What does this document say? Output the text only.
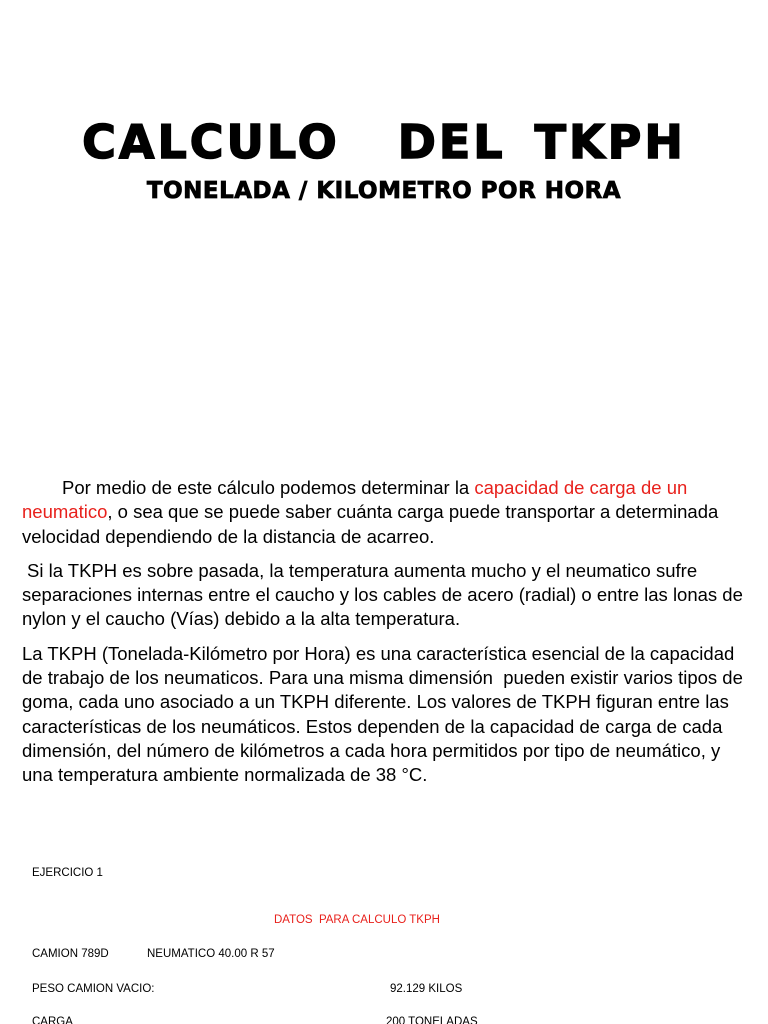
CALCULO  DEL TKPH
TONELADA / KILOMETRO POR HORA

Por medio de este cálculo podemos determinar la capacidad de carga de un neumatico, o sea que se puede saber cuánta carga puede transportar a determinada velocidad dependiendo de la distancia de acarreo.

Si la TKPH es sobre pasada, la temperatura aumenta mucho y el neumatico sufre separaciones internas entre el caucho y los cables de acero (radial) o entre las lonas de nylon y el caucho (Vías) debido a la alta temperatura.

La TKPH (Tonelada-Kilómetro por Hora) es una característica esencial de la capacidad de trabajo de los neumaticos. Para una misma dimensión  pueden existir varios tipos de goma, cada uno asociado a un TKPH diferente. Los valores de TKPH figuran entre las características de los neumáticos. Estos dependen de la capacidad de carga de cada dimensión, del número de kilómetros a cada hora permitidos por tipo de neumático, y una temperatura ambiente normalizada de 38 °C.

EJERCICIO 1
DATOS  PARA CALCULO TKPH
CAMION 789D	NEUMATICO 40.00 R 57
PESO CAMION VACIO:	92.129 KILOS
CARGA	200 TONELADAS
